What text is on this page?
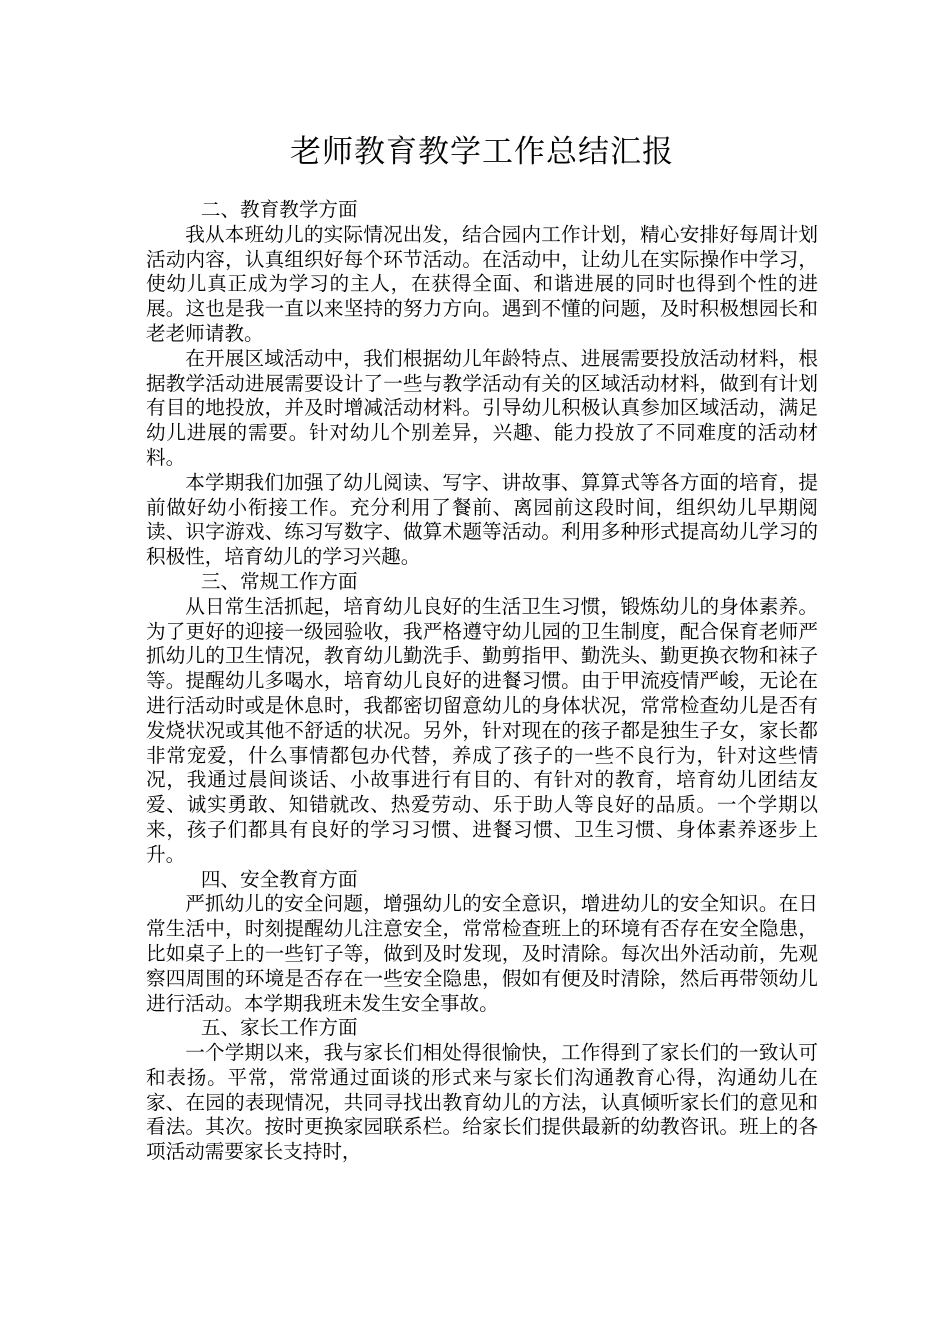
老师教育教学工作总结汇报

二、教育教学方面

我从本班幼儿的实际情况出发，结合园内工作计划，精心安排好每周计划活动内容，认真组织好每个环节活动。在活动中，让幼儿在实际操作中学习，使幼儿真正成为学习的主人，在获得全面、和谐进展的同时也得到个性的进展。这也是我一直以来坚持的努力方向。遇到不懂的问题，及时积极想园长和老老师请教。

在开展区域活动中，我们根据幼儿年龄特点、进展需要投放活动材料，根据教学活动进展需要设计了一些与教学活动有关的区域活动材料，做到有计划有目的地投放，并及时增减活动材料。引导幼儿积极认真参加区域活动，满足幼儿进展的需要。针对幼儿个别差异，兴趣、能力投放了不同难度的活动材料。

本学期我们加强了幼儿阅读、写字、讲故事、算算式等各方面的培育，提前做好幼小衔接工作。充分利用了餐前、离园前这段时间，组织幼儿早期阅读、识字游戏、练习写数字、做算术题等活动。利用多种形式提高幼儿学习的积极性，培育幼儿的学习兴趣。

三、常规工作方面

从日常生活抓起，培育幼儿良好的生活卫生习惯，锻炼幼儿的身体素养。为了更好的迎接一级园验收，我严格遵守幼儿园的卫生制度，配合保育老师严抓幼儿的卫生情况，教育幼儿勤洗手、勤剪指甲、勤洗头、勤更换衣物和袜子等。提醒幼儿多喝水，培育幼儿良好的进餐习惯。由于甲流疫情严峻，无论在进行活动时或是休息时，我都密切留意幼儿的身体状况，常常检查幼儿是否有发烧状况或其他不舒适的状况。另外，针对现在的孩子都是独生子女，家长都非常宠爱，什么事情都包办代替，养成了孩子的一些不良行为，针对这些情况，我通过晨间谈话、小故事进行有目的、有针对的教育，培育幼儿团结友爱、诚实勇敢、知错就改、热爱劳动、乐于助人等良好的品质。一个学期以来，孩子们都具有良好的学习习惯、进餐习惯、卫生习惯、身体素养逐步上升。

四、安全教育方面

严抓幼儿的安全问题，增强幼儿的安全意识，增进幼儿的安全知识。在日常生活中，时刻提醒幼儿注意安全，常常检查班上的环境有否存在安全隐患，比如桌子上的一些钉子等，做到及时发现，及时清除。每次出外活动前，先观察四周围的环境是否存在一些安全隐患，假如有便及时清除，然后再带领幼儿进行活动。本学期我班未发生安全事故。

五、家长工作方面

一个学期以来，我与家长们相处得很愉快，工作得到了家长们的一致认可和表扬。平常，常常通过面谈的形式来与家长们沟通教育心得，沟通幼儿在家、在园的表现情况，共同寻找出教育幼儿的方法，认真倾听家长们的意见和看法。其次。按时更换家园联系栏。给家长们提供最新的幼教咨讯。班上的各项活动需要家长支持时，
